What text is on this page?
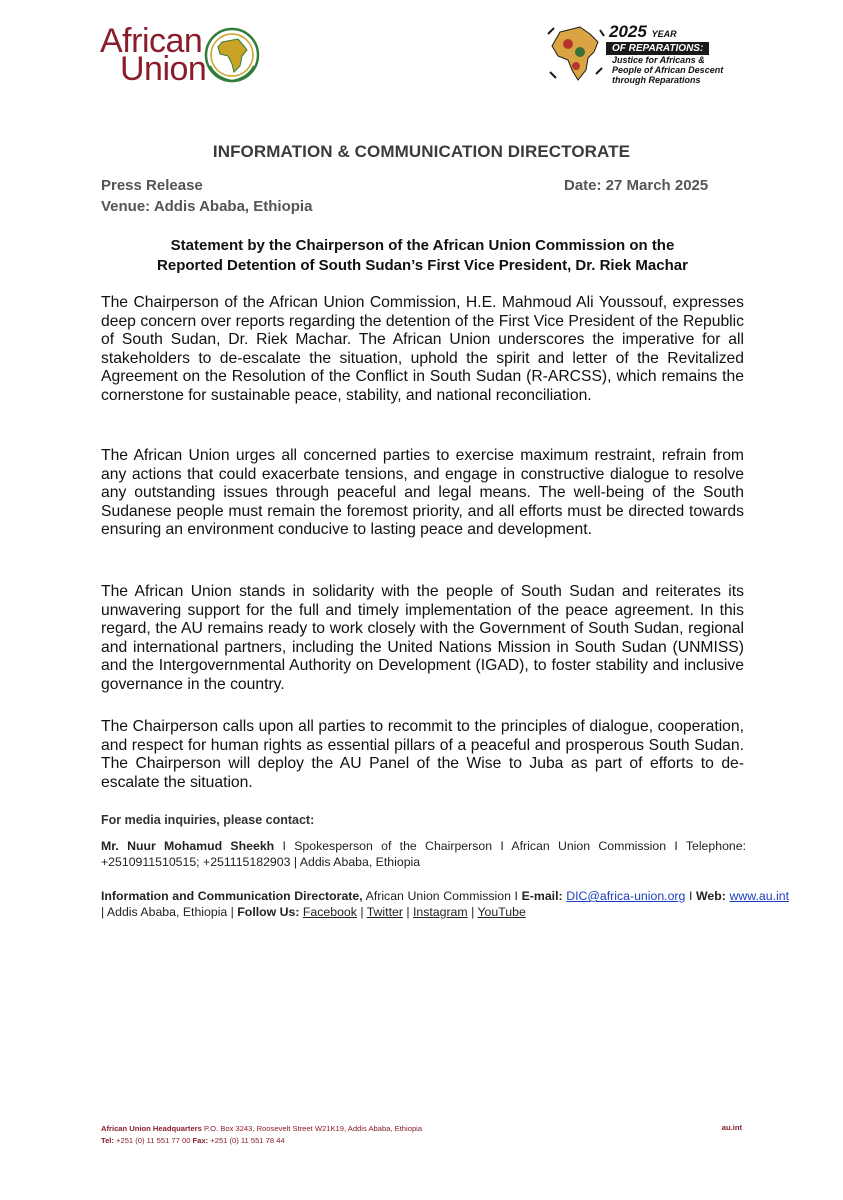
African
Union
2025 YEAR
OF REPARATIONS:
Justice for Africans &
People of African Descent
through Reparations
INFORMATION & COMMUNICATION DIRECTORATE
Press Release	Date: 27 March 2025
Venue: Addis Ababa, Ethiopia
Statement by the Chairperson of the African Union Commission on the
Reported Detention of South Sudan’s First Vice President, Dr. Riek Machar
The Chairperson of the African Union Commission, H.E. Mahmoud Ali Youssouf, expresses deep concern over reports regarding the detention of the First Vice President of the Republic of South Sudan, Dr. Riek Machar. The African Union underscores the imperative for all stakeholders to de-escalate the situation, uphold the spirit and letter of the Revitalized Agreement on the Resolution of the Conflict in South Sudan (R-ARCSS), which remains the cornerstone for sustainable peace, stability, and national reconciliation.
The African Union urges all concerned parties to exercise maximum restraint, refrain from any actions that could exacerbate tensions, and engage in constructive dialogue to resolve any outstanding issues through peaceful and legal means. The well-being of the South Sudanese people must remain the foremost priority, and all efforts must be directed towards ensuring an environment conducive to lasting peace and development.
The African Union stands in solidarity with the people of South Sudan and reiterates its unwavering support for the full and timely implementation of the peace agreement. In this regard, the AU remains ready to work closely with the Government of South Sudan, regional and international partners, including the United Nations Mission in South Sudan (UNMISS) and the Intergovernmental Authority on Development (IGAD), to foster stability and inclusive governance in the country.
The Chairperson calls upon all parties to recommit to the principles of dialogue, cooperation, and respect for human rights as essential pillars of a peaceful and prosperous South Sudan. The Chairperson will deploy the AU Panel of the Wise to Juba as part of efforts to de-escalate the situation.
For media inquiries, please contact:
Mr. Nuur Mohamud Sheekh I Spokesperson of the Chairperson I African Union Commission I Telephone: +2510911510515; +251115182903 | Addis Ababa, Ethiopia
Information and Communication Directorate, African Union Commission I E-mail: DIC@africa-union.org I Web: www.au.int | Addis Ababa, Ethiopia | Follow Us: Facebook | Twitter | Instagram | YouTube
African Union Headquarters P.O. Box 3243, Roosevelt Street W21K19, Addis Ababa, Ethiopia
Tel: +251 (0) 11 551 77 00 Fax: +251 (0) 11 551 78 44
au.int
